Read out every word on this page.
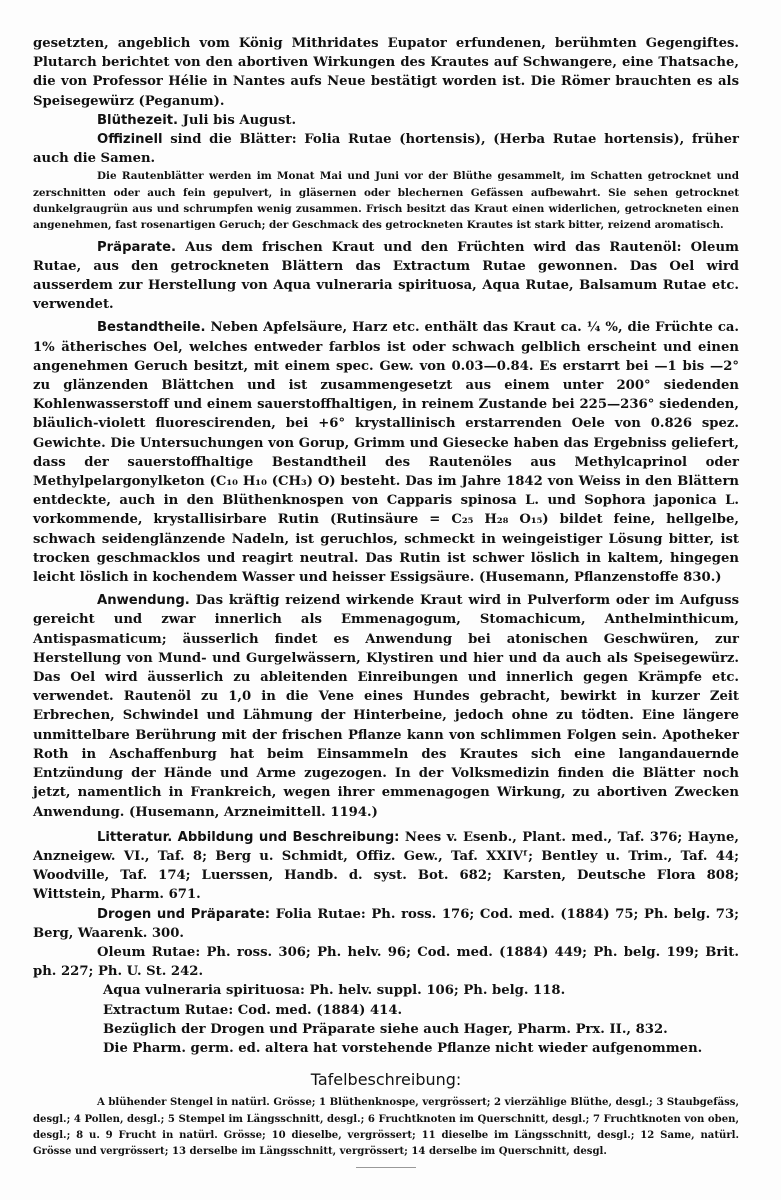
gesetzten, angeblich vom König Mithridates Eupator erfundenen, berühmten Gegengiftes. Plutarch berichtet von den abortiven Wirkungen des Krautes auf Schwangere, eine Thatsache, die von Professor Hélie in Nantes aufs Neue bestätigt worden ist. Die Römer brauchten es als Speisegewürz (Peganum).

Blüthezeit. Juli bis August.

Offizinell sind die Blätter: Folia Rutae (hortensis), (Herba Rutae hortensis), früher auch die Samen.

Die Rautenblätter werden im Monat Mai und Juni vor der Blüthe gesammelt, im Schatten getrocknet und zerschnitten oder auch fein gepulvert, in gläsernen oder blechernen Gefässen aufbewahrt. Sie sehen getrocknet dunkelgraugrün aus und schrumpfen wenig zusammen. Frisch besitzt das Kraut einen widerlichen, getrockneten einen angenehmen, fast rosenartigen Geruch; der Geschmack des getrockneten Krautes ist stark bitter, reizend aromatisch.

Präparate. Aus dem frischen Kraut und den Früchten wird das Rautenöl: Oleum Rutae, aus den getrockneten Blättern das Extractum Rutae gewonnen. Das Oel wird ausserdem zur Herstellung von Aqua vulneraria spirituosa, Aqua Rutae, Balsamum Rutae etc. verwendet.

Bestandtheile. Neben Apfelsäure, Harz etc. enthält das Kraut ca. ¼ %, die Früchte ca. 1% ätherisches Oel, welches entweder farblos ist oder schwach gelblich erscheint und einen angenehmen Geruch besitzt, mit einem spec. Gew. von 0.03—0.84. Es erstarrt bei —1 bis —2° zu glänzenden Blättchen und ist zusammengesetzt aus einem unter 200° siedenden Kohlenwasserstoff und einem sauerstoffhaltigen, in reinem Zustande bei 225—236° siedenden, bläulich-violett fluorescirenden, bei +6° krystallinisch erstarrenden Oele von 0.826 spez. Gewichte. Die Untersuchungen von Gorup, Grimm und Giesecke haben das Ergebniss geliefert, dass der sauerstoffhaltige Bestandtheil des Rautenöles aus Methylcaprinol oder Methylpelargonylketon (C₁₀ H₁₀ (CH₃) O) besteht. Das im Jahre 1842 von Weiss in den Blättern entdeckte, auch in den Blüthenknospen von Capparis spinosa L. und Sophora japonica L. vorkommende, krystallisirbare Rutin (Rutinsäure = C₂₅ H₂₈ O₁₅) bildet feine, hellgelbe, schwach seidenglänzende Nadeln, ist geruchlos, schmeckt in weingeistiger Lösung bitter, ist trocken geschmacklos und reagirt neutral. Das Rutin ist schwer löslich in kaltem, hingegen leicht löslich in kochendem Wasser und heisser Essigsäure. (Husemann, Pflanzenstoffe 830.)

Anwendung. Das kräftig reizend wirkende Kraut wird in Pulverform oder im Aufguss gereicht und zwar innerlich als Emmenagogum, Stomachicum, Anthelminthicum, Antispasmaticum; äusserlich findet es Anwendung bei atonischen Geschwüren, zur Herstellung von Mund- und Gurgelwässern, Klystiren und hier und da auch als Speisegewürz. Das Oel wird äusserlich zu ableitenden Einreibungen und innerlich gegen Krämpfe etc. verwendet. Rautenöl zu 1,0 in die Vene eines Hundes gebracht, bewirkt in kurzer Zeit Erbrechen, Schwindel und Lähmung der Hinterbeine, jedoch ohne zu tödten. Eine längere unmittelbare Berührung mit der frischen Pflanze kann von schlimmen Folgen sein. Apotheker Roth in Aschaffenburg hat beim Einsammeln des Krautes sich eine langandauernde Entzündung der Hände und Arme zugezogen. In der Volksmedizin finden die Blätter noch jetzt, namentlich in Frankreich, wegen ihrer emmenagogen Wirkung, zu abortiven Zwecken Anwendung. (Husemann, Arzneimittell. 1194.)

Litteratur. Abbildung und Beschreibung: Nees v. Esenb., Plant. med., Taf. 376; Hayne, Anzneigew. VI., Taf. 8; Berg u. Schmidt, Offiz. Gew., Taf. XXIVᶠ; Bentley u. Trim., Taf. 44; Woodville, Taf. 174; Luerssen, Handb. d. syst. Bot. 682; Karsten, Deutsche Flora 808; Wittstein, Pharm. 671.

Drogen und Präparate: Folia Rutae: Ph. ross. 176; Cod. med. (1884) 75; Ph. belg. 73; Berg, Waarenk. 300.

Oleum Rutae: Ph. ross. 306; Ph. helv. 96; Cod. med. (1884) 449; Ph. belg. 199; Brit. ph. 227; Ph. U. St. 242.

Aqua vulneraria spirituosa: Ph. helv. suppl. 106; Ph. belg. 118.

Extractum Rutae: Cod. med. (1884) 414.

Bezüglich der Drogen und Präparate siehe auch Hager, Pharm. Prx. II., 832.

Die Pharm. germ. ed. altera hat vorstehende Pflanze nicht wieder aufgenommen.

Tafelbeschreibung:

A blühender Stengel in natürl. Grösse; 1 Blüthenknospe, vergrössert; 2 vierzählige Blüthe, desgl.; 3 Staubgefäss, desgl.; 4 Pollen, desgl.; 5 Stempel im Längsschnitt, desgl.; 6 Fruchtknoten im Querschnitt, desgl.; 7 Fruchtknoten von oben, desgl.; 8 u. 9 Frucht in natürl. Grösse; 10 dieselbe, vergrössert; 11 dieselbe im Längsschnitt, desgl.; 12 Same, natürl. Grösse und vergrössert; 13 derselbe im Längsschnitt, vergrössert; 14 derselbe im Querschnitt, desgl.
